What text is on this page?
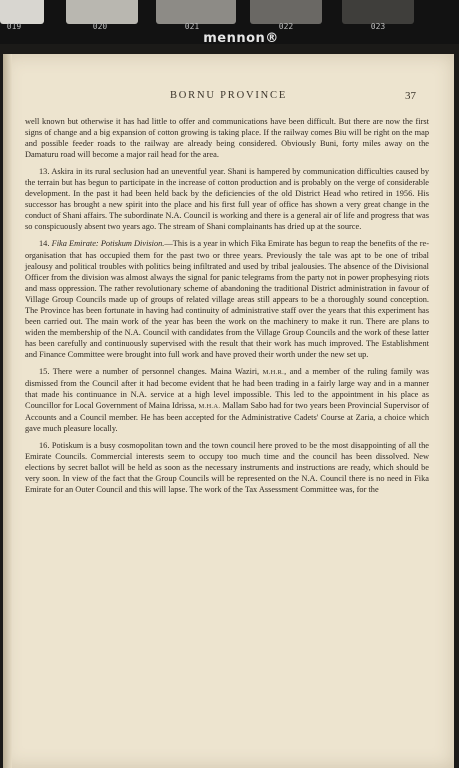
019	020	021	022	023
mennon®
BORNU PROVINCE	37

well known but otherwise it has had little to offer and communications have been difficult. But there are now the first signs of change and a big expansion of cotton growing is taking place. If the railway comes Biu will be right on the map and possible feeder roads to the railway are already being considered. Obviously Buni, forty miles away on the Damaturu road will become a major rail head for the area.

13. Askira in its rural seclusion had an uneventful year. Shani is hampered by communication difficulties caused by the terrain but has begun to participate in the increase of cotton production and is probably on the verge of considerable development. In the past it had been held back by the deficiencies of the old District Head who retired in 1956. His successor has brought a new spirit into the place and his first full year of office has shown a very great change in the conduct of Shani affairs. The subordinate N.A. Council is working and there is a general air of life and progress that was so conspicuously absent two years ago. The stream of Shani complainants has dried up at the source.

14. Fika Emirate: Potiskum Division.—This is a year in which Fika Emirate has begun to reap the benefits of the re-organisation that has occupied them for the past two or three years. Previously the tale was apt to be one of tribal jealousy and political troubles with politics being infiltrated and used by tribal jealousies. The absence of the Divisional Officer from the division was almost always the signal for panic telegrams from the party not in power prophesying riots and mass oppression. The rather revolutionary scheme of abandoning the traditional District administration in favour of Village Group Councils made up of groups of related village areas still appears to be a thoroughly sound conception. The Province has been fortunate in having had continuity of administrative staff over the years that this experiment has been carried out. The main work of the year has been the work on the machinery to make it run. There are plans to widen the membership of the N.A. Council with candidates from the Village Group Councils and the work of these latter has been carefully and continuously supervised with the result that their work has much improved. The Establishment and Finance Committee were brought into full work and have proved their worth under the new set up.

15. There were a number of personnel changes. Maina Waziri, M.H.R., and a member of the ruling family was dismissed from the Council after it had become evident that he had been trading in a fairly large way and in a manner that made his continuance in N.A. service at a high level impossible. This led to the appointment in his place as Councillor for Local Government of Maina Idrissa, M.H.A. Mallam Sabo had for two years been Provincial Supervisor of Accounts and a Council member. He has been accepted for the Administrative Cadets' Course at Zaria, a choice which gave much pleasure locally.

16. Potiskum is a busy cosmopolitan town and the town council here proved to be the most disappointing of all the Emirate Councils. Commercial interests seem to occupy too much time and the council has been dissolved. New elections by secret ballot will be held as soon as the necessary instruments and instructions are ready, which should be very soon. In view of the fact that the Group Councils will be represented on the N.A. Council there is no need in Fika Emirate for an Outer Council and this will lapse. The work of the Tax Assessment Committee was, for the
